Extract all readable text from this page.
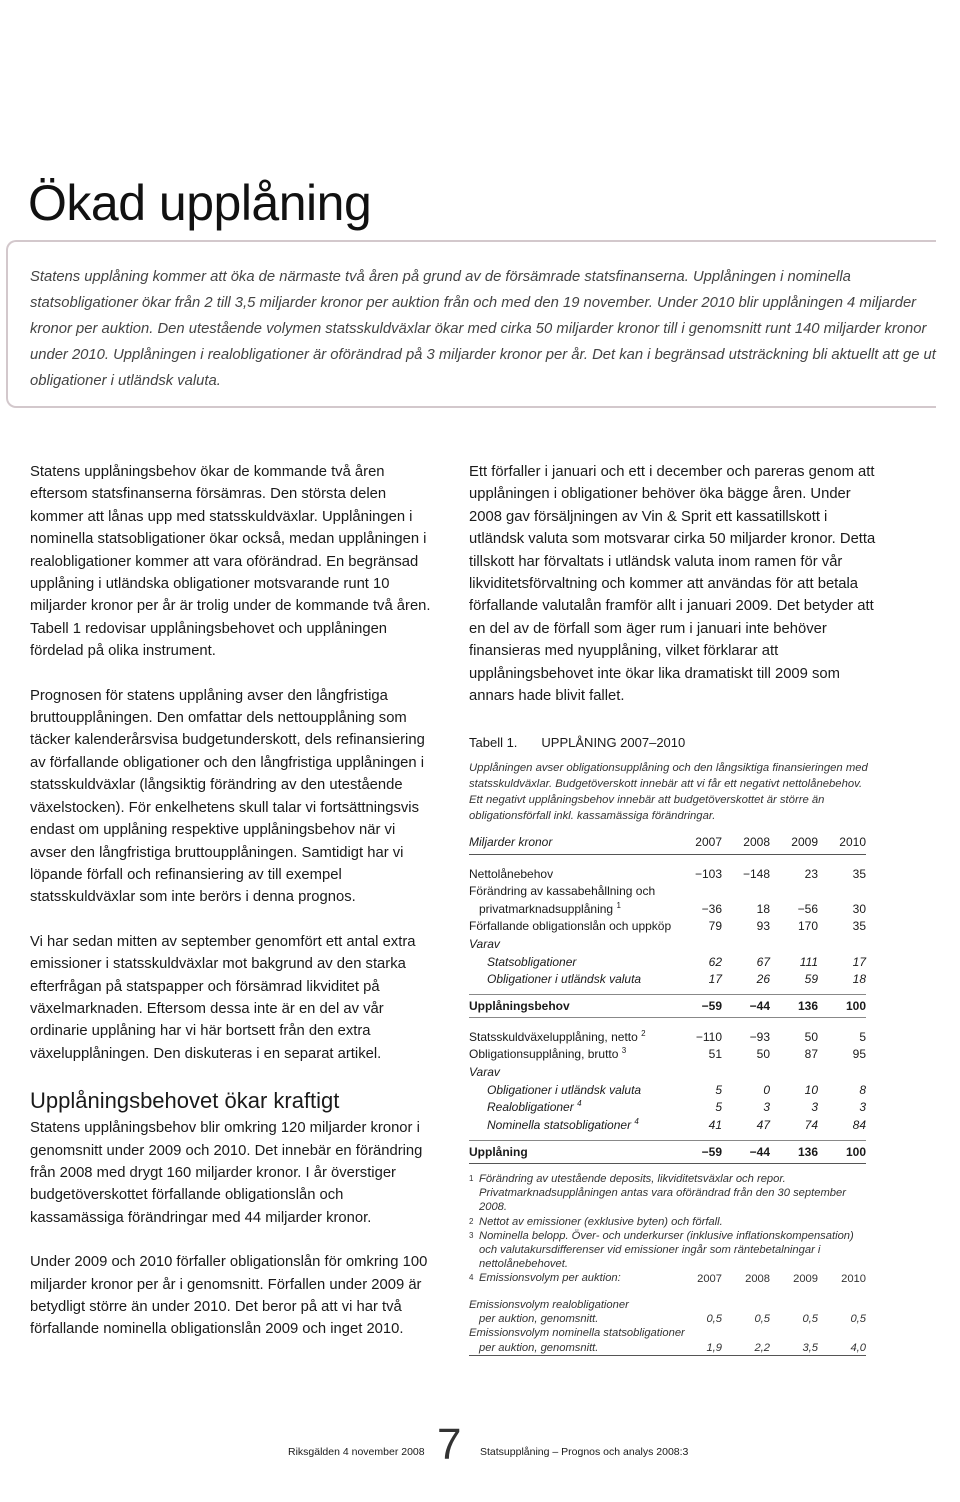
Ökad upplåning

Statens upplåning kommer att öka de närmaste två åren på grund av de försämrade statsfinanserna. Upplåningen i nominella statsobligationer ökar från 2 till 3,5 miljarder kronor per auktion från och med den 19 november. Under 2010 blir upplåningen 4 miljarder kronor per auktion. Den utestående volymen statsskuldväxlar ökar med cirka 50 miljarder kronor till i genomsnitt runt 140 miljarder kronor under 2010. Upplåningen i realobligationer är oförändrad på 3 miljarder kronor per år. Det kan i begränsad utsträckning bli aktuellt att ge ut obligationer i utländsk valuta.

Statens upplåningsbehov ökar de kommande två åren eftersom statsfinanserna försämras. Den största delen kommer att lånas upp med statsskuldväxlar. Upplåningen i nominella statsobligationer ökar också, medan upplåningen i realobligationer kommer att vara oförändrad. En begränsad upplåning i utländska obligationer motsvarande runt 10 miljarder kronor per år är trolig under de kommande två åren. Tabell 1 redovisar upplåningsbehovet och upplåningen fördelad på olika instrument.

Prognosen för statens upplåning avser den långfristiga bruttoupplåningen. Den omfattar dels nettoupplåning som täcker kalenderårsvisa budgetunderskott, dels refinansiering av förfallande obligationer och den långfristiga upplåningen i statsskuldväxlar (långsiktig förändring av den utestående växelstocken). För enkelhetens skull talar vi fortsättningsvis endast om upplåning respektive upplåningsbehov när vi avser den långfristiga bruttoupplåningen. Samtidigt har vi löpande förfall och refinansiering av till exempel statsskuldväxlar som inte berörs i denna prognos.

Vi har sedan mitten av september genomfört ett antal extra emissioner i statsskuldväxlar mot bakgrund av den starka efterfrågan på statspapper och försämrad likviditet på växelmarknaden. Eftersom dessa inte är en del av vår ordinarie upplåning har vi här bortsett från den extra växelupplåningen. Den diskuteras i en separat artikel.

Upplåningsbehovet ökar kraftigt

Statens upplåningsbehov blir omkring 120 miljarder kronor i genomsnitt under 2009 och 2010. Det innebär en förändring från 2008 med drygt 160 miljarder kronor. I år överstiger budgetöverskottet förfallande obligationslån och kassamässiga förändringar med 44 miljarder kronor.

Under 2009 och 2010 förfaller obligationslån för omkring 100 miljarder kronor per år i genomsnitt. Förfallen under 2009 är betydligt större än under 2010. Det beror på att vi har två förfallande nominella obligationslån 2009 och inget 2010.

Ett förfaller i januari och ett i december och pareras genom att upplåningen i obligationer behöver öka bägge åren. Under 2008 gav försäljningen av Vin & Sprit ett kassatillskott i utländsk valuta som motsvarar cirka 50 miljarder kronor. Detta tillskott har förvaltats i utländsk valuta inom ramen för vår likviditetsförvaltning och kommer att användas för att betala förfallande valutalån framför allt i januari 2009. Det betyder att en del av de förfall som äger rum i januari inte behöver finansieras med nyupplåning, vilket förklarar att upplåningsbehovet inte ökar lika dramatiskt till 2009 som annars hade blivit fallet.

Tabell 1. UPPLÅNING 2007–2010

Upplåningen avser obligationsupplåning och den långsiktiga finansieringen med statsskuldväxlar. Budgetöverskott innebär att vi får ett negativt nettolånebehov. Ett negativt upplåningsbehov innebär att budgetöverskottet är större än obligationsförfall inkl. kassamässiga förändringar.

Miljarder kronor	2007	2008	2009	2010

Nettolånebehov	−103	−148	23	35
Förändring av kassabehållning och				
privatmarknadsupplåning $^1$	−36	18	−56	30
Förfallande obligationslån och uppköp	79	93	170	35
Varav				
Statsobligationer	62	67	111	17
Obligationer i utländsk valuta	17	26	59	18

Upplåningsbehov	−59	−44	136	100

Statsskuldväxelupplåning, netto $^2$	−110	−93	50	5
Obligationsupplåning, brutto $^3$	51	50	87	95
Varav				
Obligationer i utländsk valuta	5	0	10	8
Realobligationer $^4$	5	3	3	3
Nominella statsobligationer $^4$	41	47	74	84

Upplåning	−59	−44	136	100
1 Förändring av utestående deposits, likviditetsväxlar och repor. Privatmarknadsupplåningen antas vara oförändrad från den 30 september 2008.
2 Nettot av emissioner (exklusive byten) och förfall.
3 Nominella belopp. Över- och underkurser (inklusive inflationskompensation) och valutakursdifferenser vid emissioner ingår som räntebetalningar i nettolånebehovet.
4 Emissionsvolym per auktion:
		2007	2008	2009	2010

Emissionsvolym realobligationer				
per auktion, genomsnitt.	0,5	0,5	0,5	0,5
Emissionsvolym nominella statsobligationer				
per auktion, genomsnitt.	1,9	2,2	3,5	4,0
Riksgälden 4 november 2008 7 Statsupplåning – Prognos och analys 2008:3
